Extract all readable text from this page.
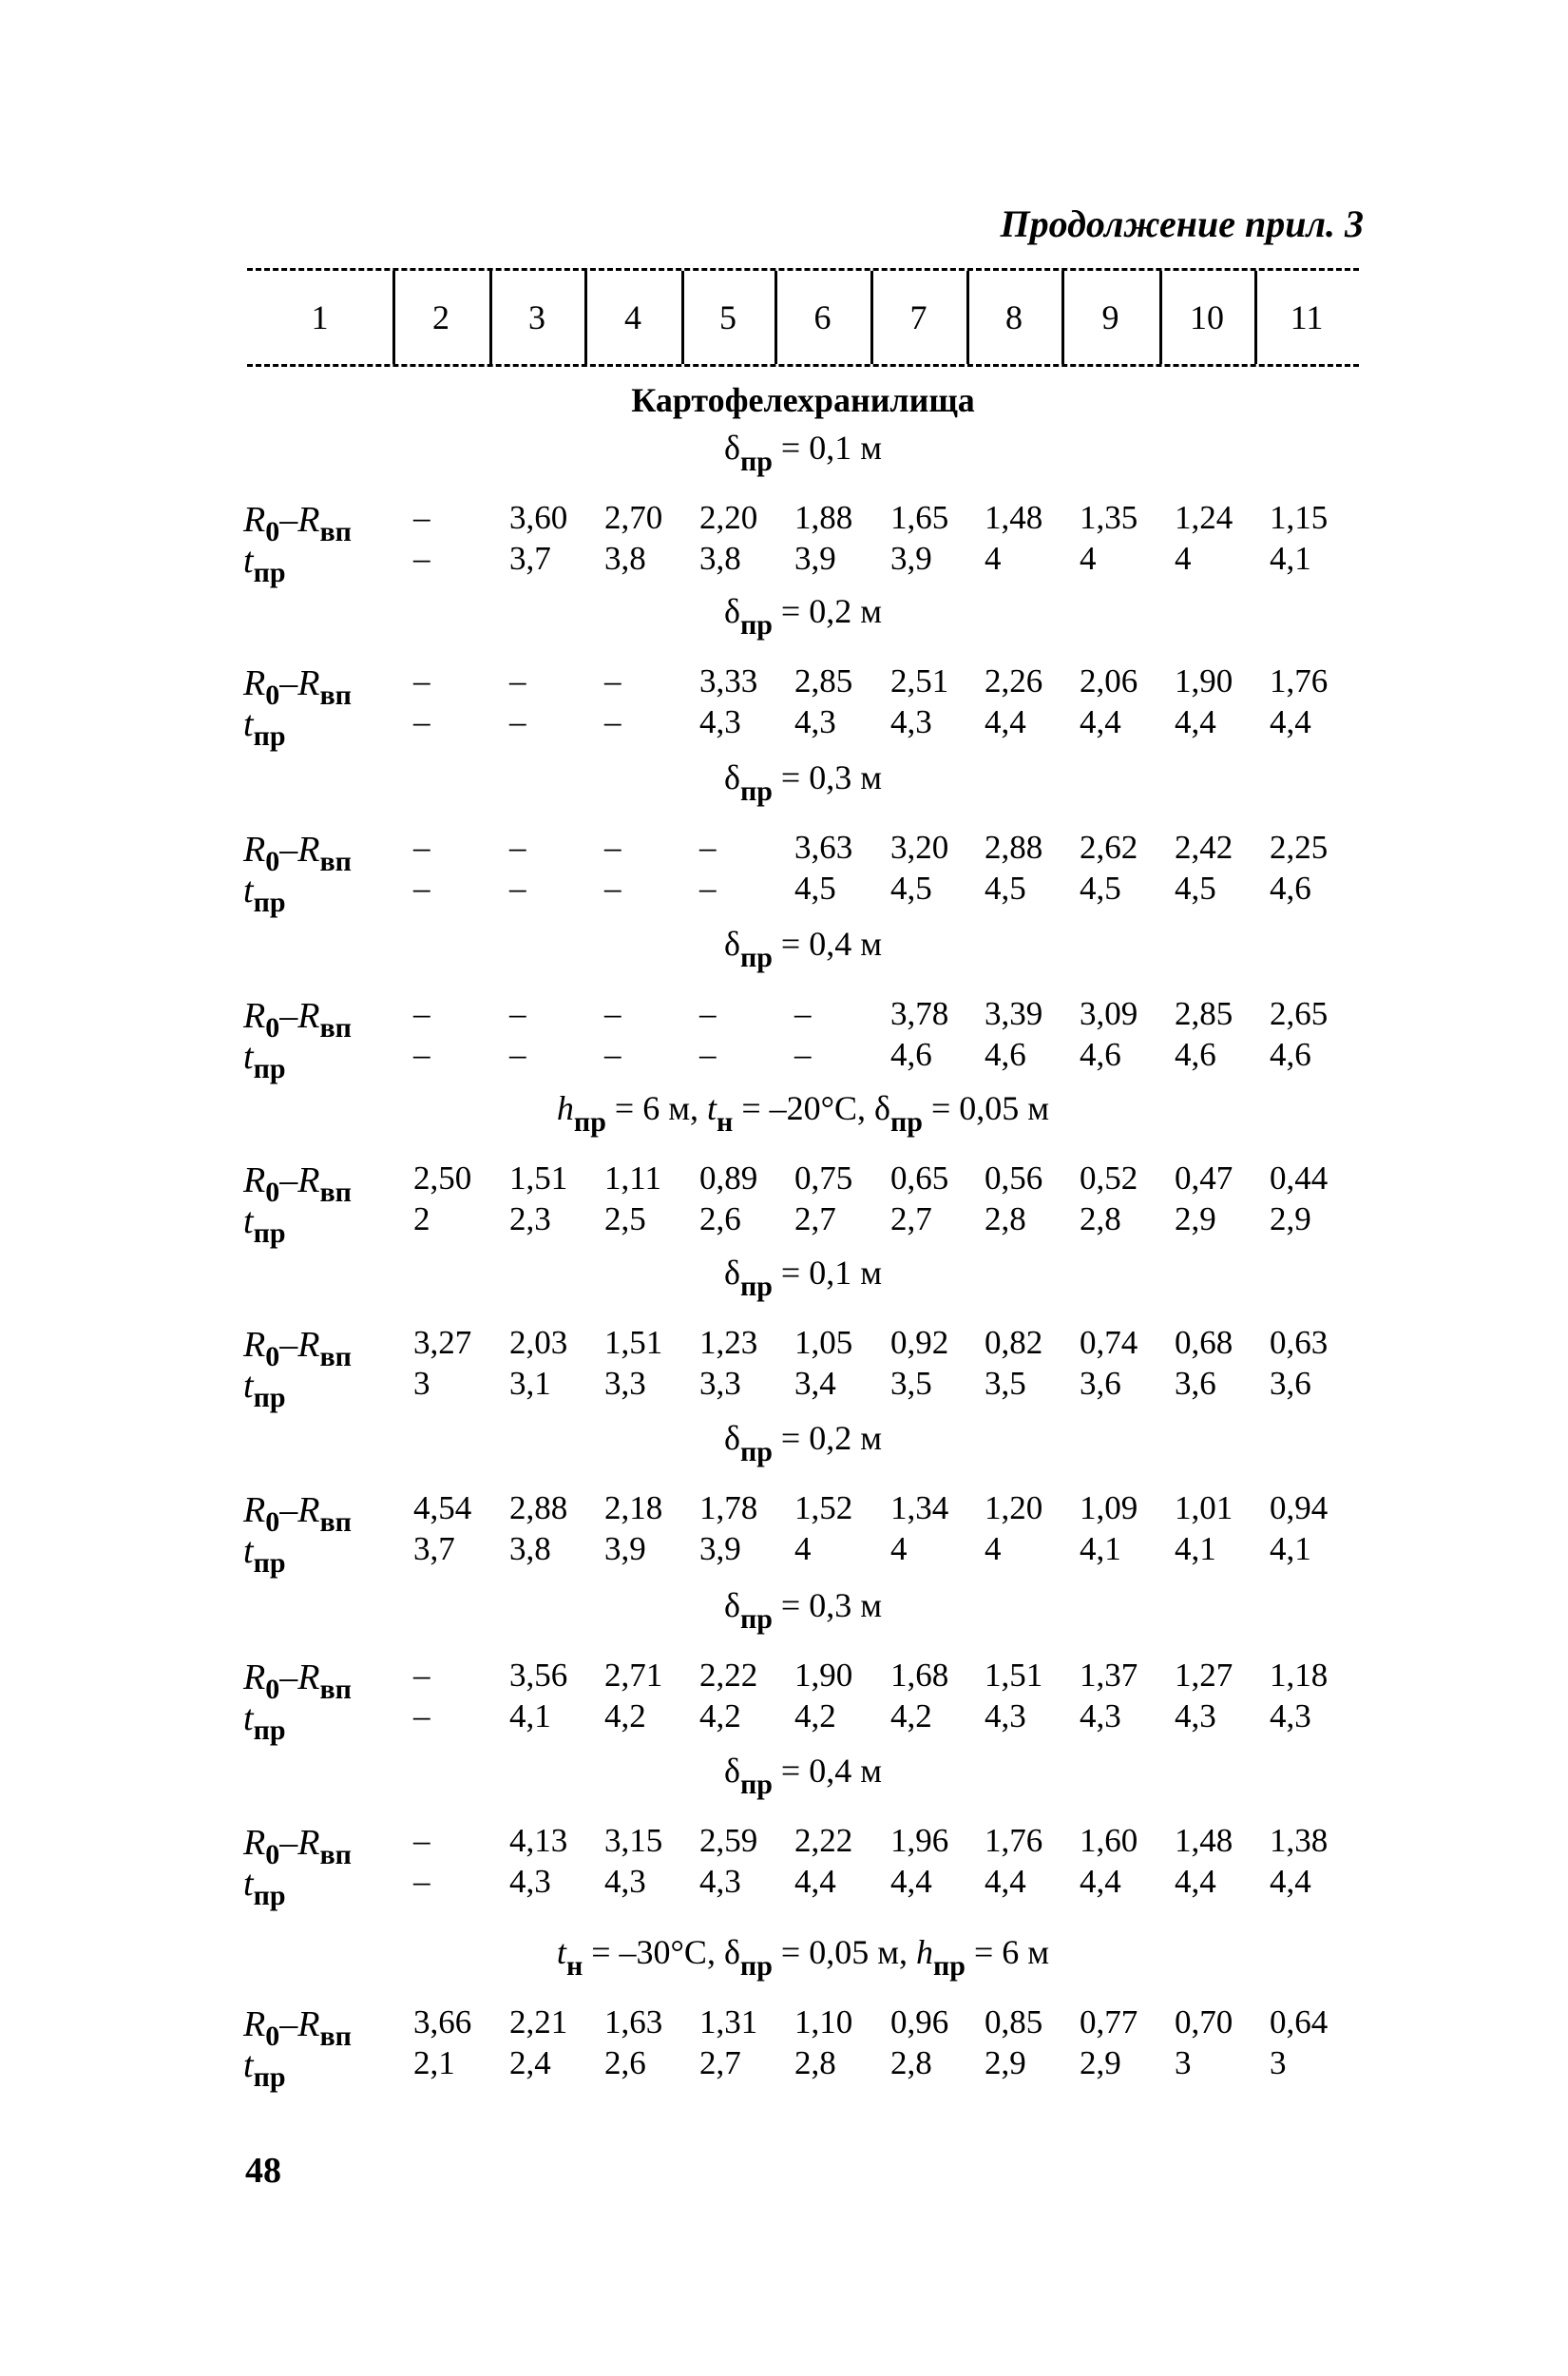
Продолжение прил. 3
1	2	3	4	5	6	7	8	9	10	11
Картофелехранилища
$\delta_{пр} = 0,1$ м
$R_0-R_{вп} - 3,60$ 2,70 2,20 1,88 1,65 1,48 1,35 1,24 1,15
$t_{пр}$	– 3,7 3,8 3,8 3,9 3,9 4 4 4 4,1
$\delta_{пр} = 0,2$ м
$R_0-R_{вп}$ – – – 3,33 2,85 2,51 2,26 2,06 1,90 1,76
$t_{пр}$	– – – 4,3 4,3 4,3 4,4 4,4 4,4 4,4
$\delta_{пр} = 0,3$ м
$R_0-R_{вп}$ – – – – 3,63 3,20 2,88 2,62 2,42 2,25
$t_{пр}$	– – – – 4,5 4,5 4,5 4,5 4,5 4,6
$\delta_{пр} = 0,4$ м
$R_0-R_{вп}$ – – – – – 3,78 3,39 3,09 2,85 2,65
$t_{пр}$	– – – – – 4,6 4,6 4,6 4,6 4,6
$h_{пр} = 6$ м, $t_н = -20^\circ C$, $\delta_{пр} = 0,05$ м
$R_0-R_{вп}$ 2,50 1,51 1,11 0,89 0,75 0,65 0,56 0,52 0,47 0,44
$t_{пр}$	2 2,3 2,5 2,6 2,7 2,7 2,8 2,8 2,9 2,9
$\delta_{пр} = 0,1$ м
$R_0-R_{вп}$ 3,27 2,03 1,51 1,23 1,05 0,92 0,82 0,74 0,68 0,63
$t_{пр}$	3 3,1 3,3 3,3 3,4 3,5 3,5 3,6 3,6 3,6
$\delta_{пр} = 0,2$ м
$R_0-R_{вп}$ 4,54 2,88 2,18 1,78 1,52 1,34 1,20 1,09 1,01 0,94
$t_{пр}$	3,7 3,8 3,9 3,9 4 4 4 4,1 4,1 4,1
$\delta_{пр} = 0,3$ м
$R_0-R_{вп} - 3,56$ 2,71 2,22 1,90 1,68 1,51 1,37 1,27 1,18
$t_{пр}$	– 4,1 4,2 4,2 4,2 4,2 4,3 4,3 4,3 4,3
$\delta_{пр} = 0,4$ м
$R_0-R_{вп} - 4,13$ 3,15 2,59 2,22 1,96 1,76 1,60 1,48 1,38
$t_{пр}$	– 4,3 4,3 4,3 4,4 4,4 4,4 4,4 4,4 4,4
$t_н = -30^\circ C$, $\delta_{пр} = 0,05$ м, $h_{пр} = 6$ м
$R_0-R_{вп}$ 3,66 2,21 1,63 1,31 1,10 0,96 0,85 0,77 0,70 0,64
$t_{пр}$	2,1 2,4 2,6 2,7 2,8 2,8 2,9 2,9 3 3
48
